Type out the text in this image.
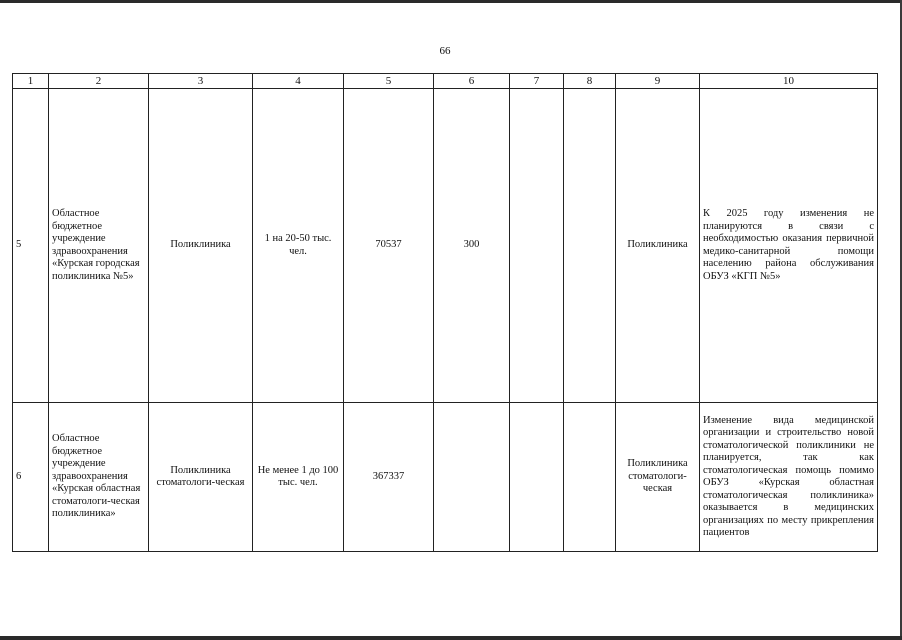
66
1	2	3	4	5	6	7	8	9	10
5	Областное бюджетное учреждение здравоохранения «Курская городская поликлиника №5»	Поликлиника	1 на 20-50 тыс. чел.	70537	300			Поликлиника	К 2025 году изменения не планируются в связи с необходимостью оказания первичной медико-санитарной помощи населению района обслуживания ОБУЗ «КГП №5»
6	Областное бюджетное учреждение здравоохранения «Курская областная стоматологи-ческая поликлиника»	Поликлиника стоматологи-ческая	Не менее 1 до 100 тыс. чел.	367337				Поликлиника стоматологи-ческая	Изменение вида медицинской организации и строительство новой стоматологической поликлиники не планируется, так как стоматологическая помощь помимо ОБУЗ «Курская областная стоматологическая поликлиника» оказывается в медицинских организациях по месту прикрепления пациентов
